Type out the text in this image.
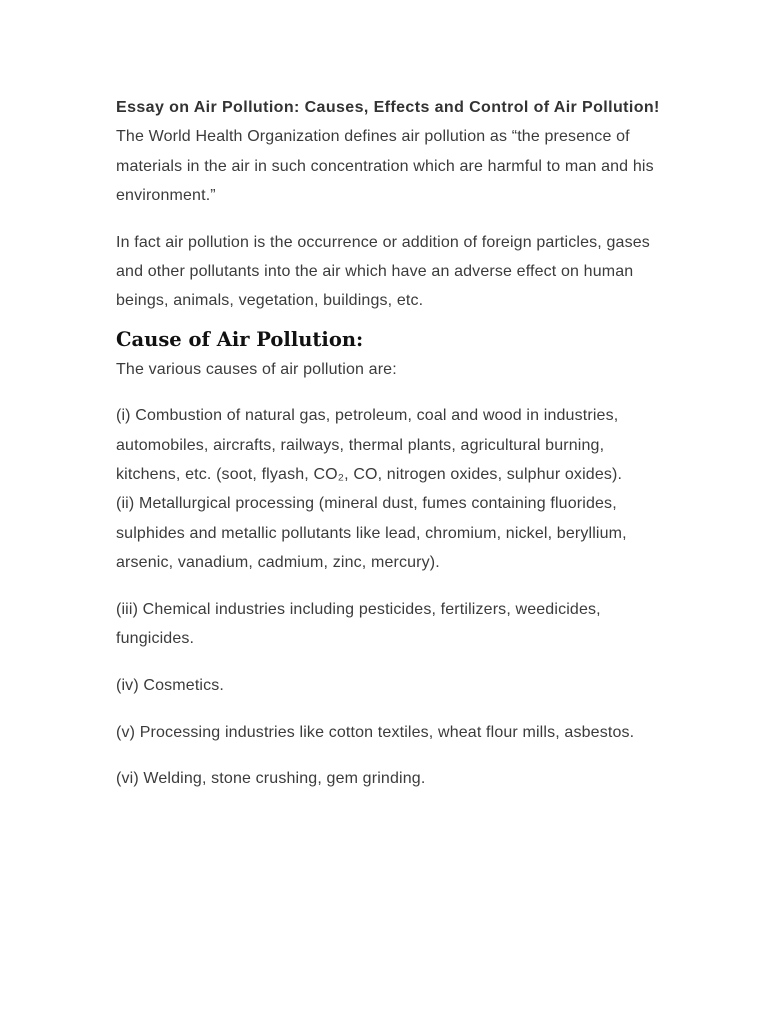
Essay on Air Pollution: Causes, Effects and Control of Air Pollution!

The World Health Organization defines air pollution as “the presence of materials in the air in such concentration which are harmful to man and his environment.”

In fact air pollution is the occurrence or addition of foreign particles, gases and other pollutants into the air which have an adverse effect on human beings, animals, vegetation, buildings, etc.

Cause of Air Pollution:

The various causes of air pollution are:

(i) Combustion of natural gas, petroleum, coal and wood in industries, automobiles, aircrafts, railways, thermal plants, agricultural burning, kitchens, etc. (soot, flyash, CO₂, CO, nitrogen oxides, sulphur oxides).

(ii) Metallurgical processing (mineral dust, fumes containing fluorides, sulphides and metallic pollutants like lead, chromium, nickel, beryllium, arsenic, vanadium, cadmium, zinc, mercury).

(iii) Chemical industries including pesticides, fertilizers, weedicides, fungicides.

(iv) Cosmetics.

(v) Processing industries like cotton textiles, wheat flour mills, asbestos.

(vi) Welding, stone crushing, gem grinding.
